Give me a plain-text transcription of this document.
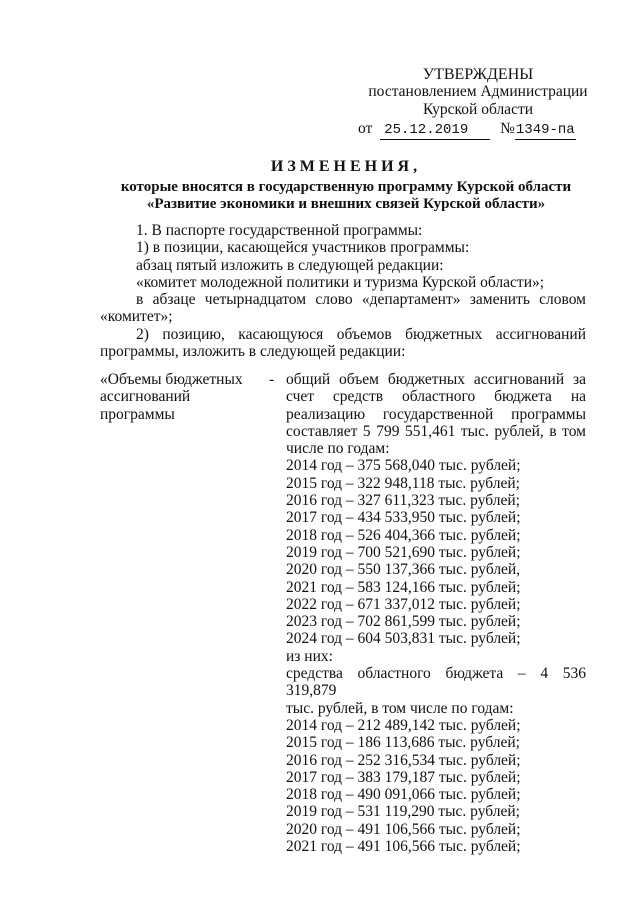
УТВЕРЖДЕНЫ
постановлением Администрации
Курской области
от 25.12.2019 №1349-па
ИЗМЕНЕНИЯ,
которые вносятся в государственную программу Курской области
«Развитие экономики и внешних связей Курской области»
1. В паспорте государственной программы:
1) в позиции, касающейся участников программы:
абзац пятый изложить в следующей редакции:
«комитет молодежной политики и туризма Курской области»;
в абзаце четырнадцатом слово «департамент» заменить словом
«комитет»;
2) позицию, касающуюся объемов бюджетных ассигнований
программы, изложить в следующей редакции:
«Объемы бюджетных
ассигнований
программы
- общий объем бюджетных ассигнований за
счет средств областного бюджета на
реализацию государственной программы
составляет 5 799 551,461 тыс. рублей, в том
числе по годам:
2014 год – 375 568,040 тыс. рублей;
2015 год – 322 948,118 тыс. рублей;
2016 год – 327 611,323 тыс. рублей;
2017 год – 434 533,950 тыс. рублей;
2018 год – 526 404,366 тыс. рублей;
2019 год – 700 521,690 тыс. рублей;
2020 год – 550 137,366 тыс. рублей,
2021 год – 583 124,166 тыс. рублей;
2022 год – 671 337,012 тыс. рублей;
2023 год – 702 861,599 тыс. рублей;
2024 год – 604 503,831 тыс. рублей;
из них:
средства областного бюджета – 4 536 319,879
тыс. рублей, в том числе по годам:
2014 год – 212 489,142 тыс. рублей;
2015 год – 186 113,686 тыс. рублей;
2016 год – 252 316,534 тыс. рублей;
2017 год – 383 179,187 тыс. рублей;
2018 год – 490 091,066 тыс. рублей;
2019 год – 531 119,290 тыс. рублей;
2020 год – 491 106,566 тыс. рублей;
2021 год – 491 106,566 тыс. рублей;
